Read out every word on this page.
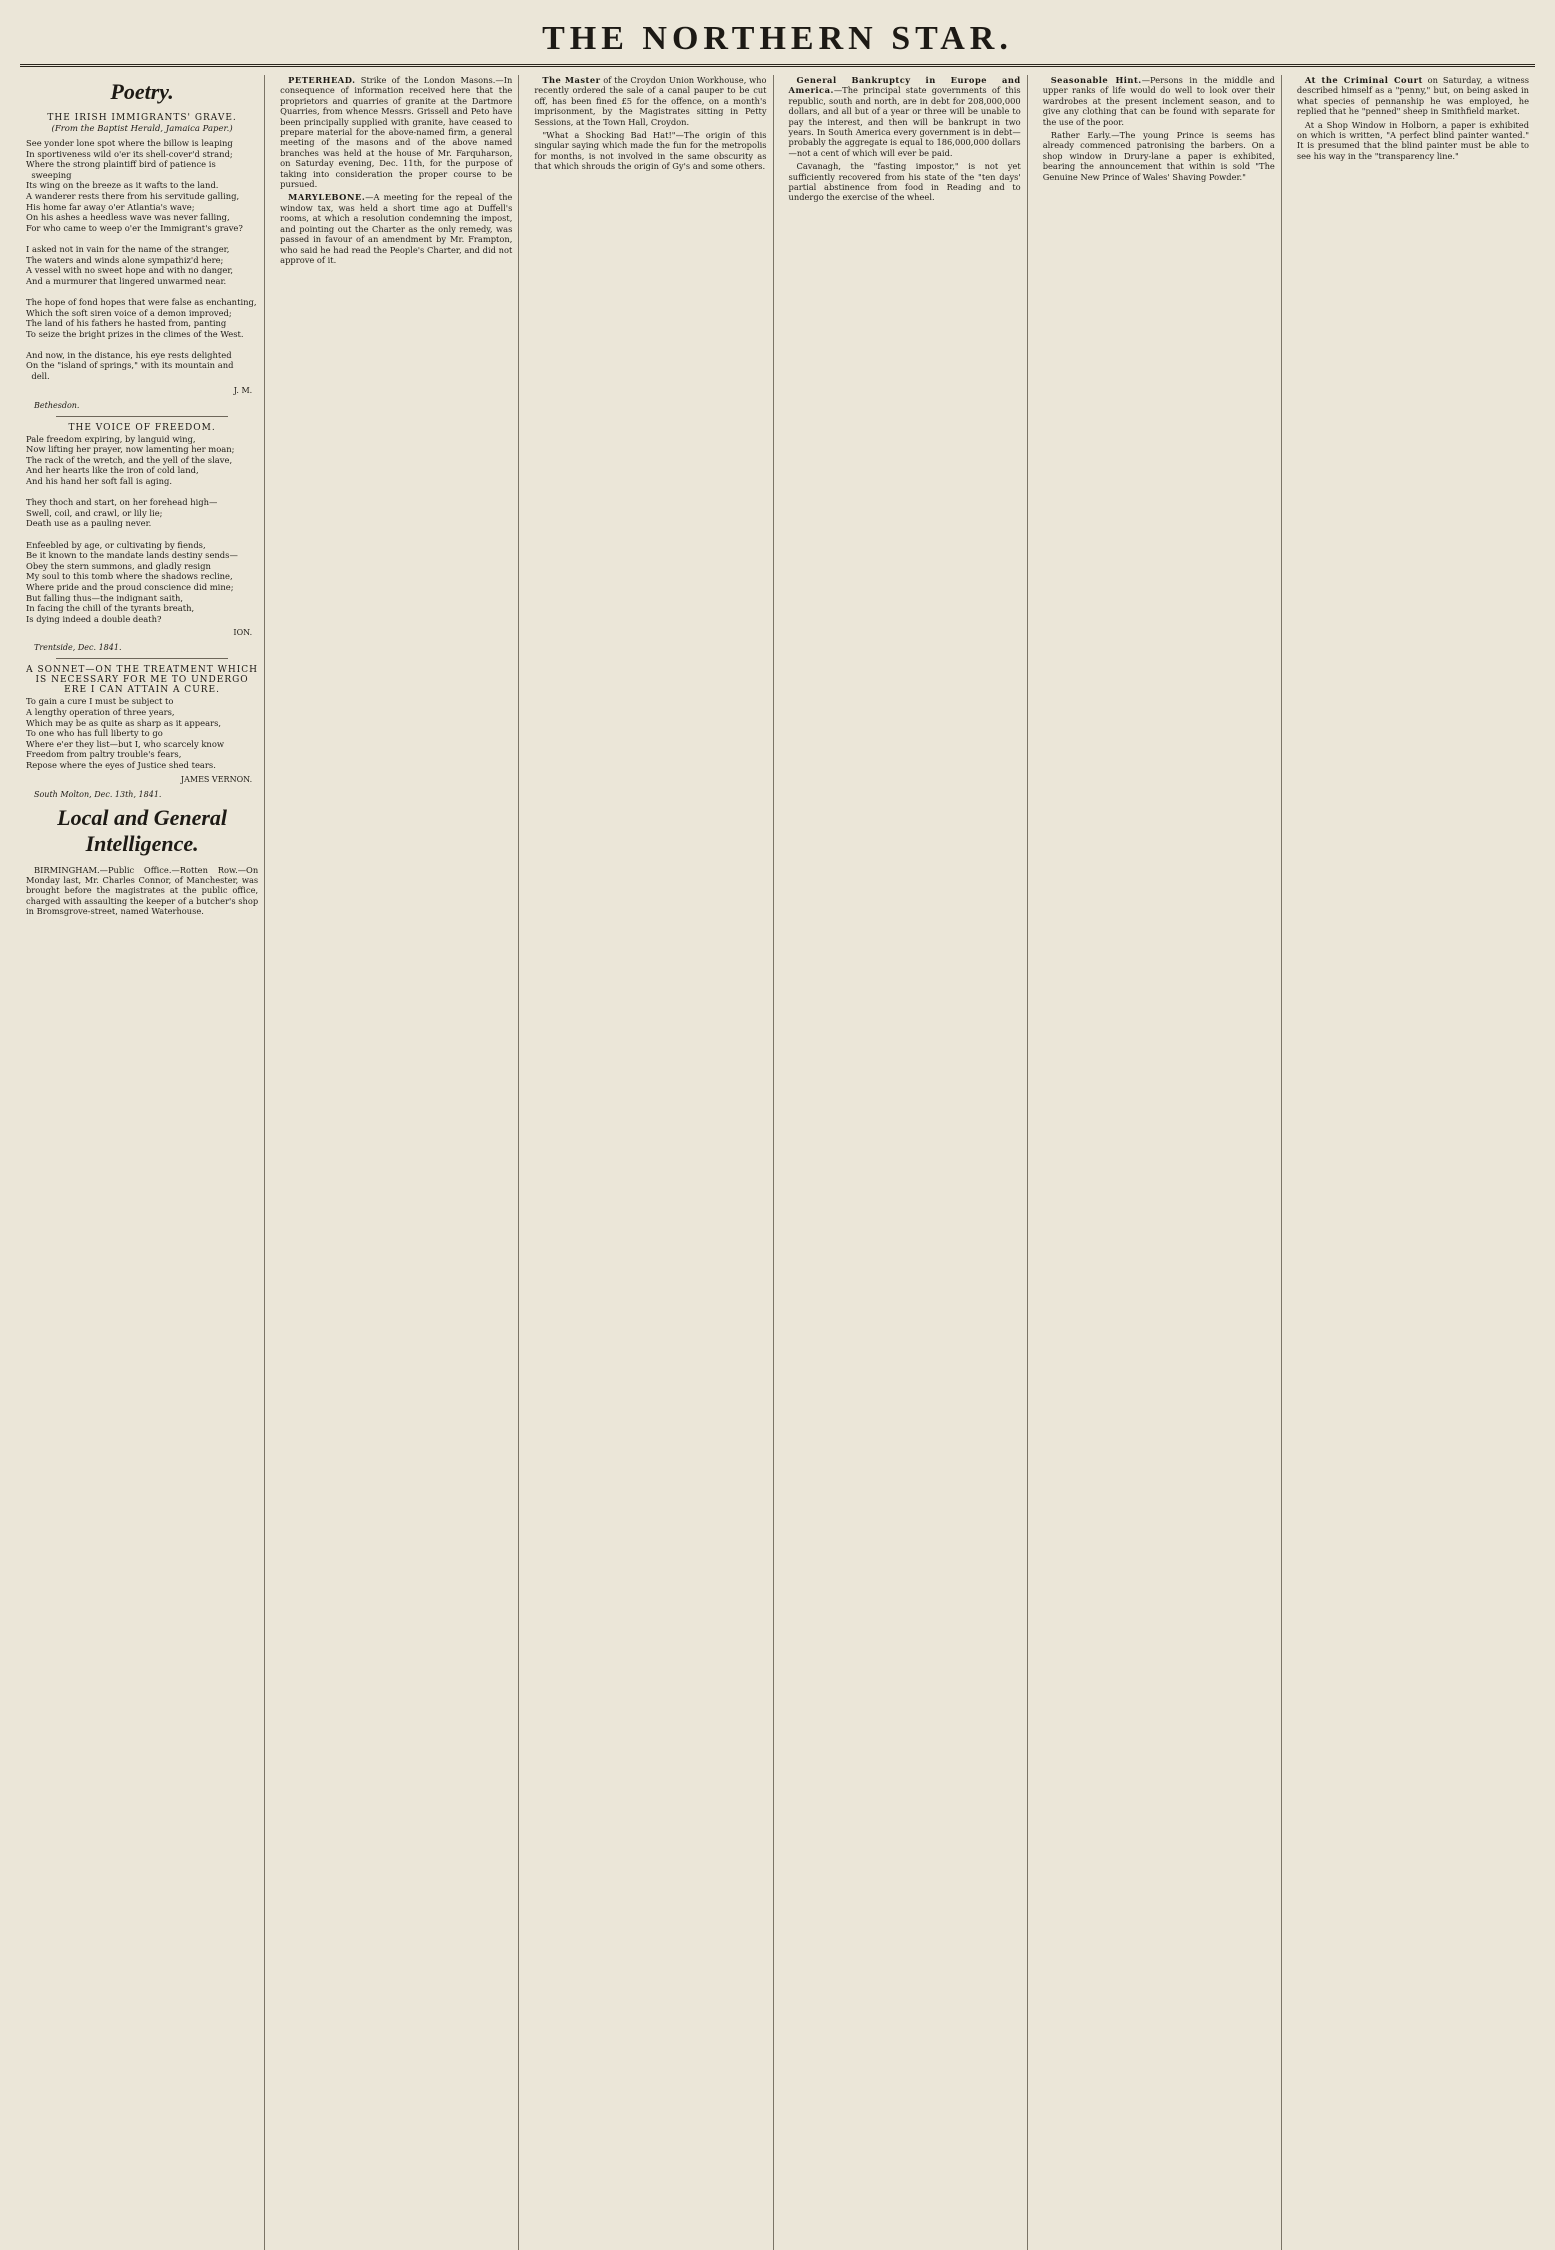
THE NORTHERN STAR.
Poetry.
THE IRISH IMMIGRANTS' GRAVE.
(From the Baptist Herald, Jamaica Paper.)
See yonder lone spot where the billow is leaping
In sportiveness wild o'er its shell-cover'd strand;
Where the strong plaintiff bird of patience is
sweeping
Its wing on the breeze as it wafts to the land.
A wanderer rests there from his servitude galling,
His home far away o'er Atlantia's wave;
On his ashes a heedless wave was never falling,
For who came to weep o'er the Immigrant's grave?

I asked not in vain for the name of the stranger,
The waters and winds alone sympathiz'd here;
A vessel with no sweet hope and with no danger,
And a murmurer that lingered unwarmed near.

The hope of fond hopes that were false as enchanting,
Which the soft siren voice of a demon improved;
The land of his fathers he hasted from, panting
To seize the bright prizes in the climes of the West.

And now, in the distance, his eye rests delighted
On the "island of springs," with its mountain and
dell.
J. M.
Bethesdon.
THE VOICE OF FREEDOM.
Pale freedom expiring, by languid wing,
Now lifting her prayer, now lamenting her moan;
The rack of the wretch, and the yell of the slave,
And her hearts like the iron of cold land,
And his hand her soft fall is aging.

They thoch and start, on her forehead high—
Swell, coil, and crawl, or lily lie;
Death use as a pauling never.

Enfeebled by age, or cultivating by fiends,
Be it known to the mandate lands destiny sends—
Obey the stern summons, and gladly resign
My soul to this tomb where the shadows recline,
Where pride and the proud conscience did mine;
But falling thus—the indignant saith,
In facing the chill of the tyrants breath,
Is dying indeed a double death?
ION.
Trentside, Dec. 1841.
A SONNET—ON THE TREATMENT WHICH IS NECESSARY FOR ME TO UNDERGO ERE I CAN ATTAIN A CURE.
To gain a cure I must be subject to
A lengthy operation of three years,
Which may be as quite as sharp as it appears,
To one who has full liberty to go
Where e'er they list—but I, who scarcely know
Freedom from paltry trouble's fears,
Repose where the eyes of Justice shed tears.
JAMES VERNON.
South Molton, Dec. 13th, 1841.
Local and General Intelligence.
BIRMINGHAM.—Public Office.—Rotten Row.—On Monday last, Mr. Charles Connor, of Manchester, was brought before the magistrates at the public office, charged with assaulting the keeper of a butcher's shop in Bromsgrove-street, named Waterhouse.
PETERHEAD. Strike of the London Masons.—In consequence of information received here that the proprietors and quarries of granite at the Dartmore Quarries, from whence Messrs. Grissell and Peto have been principally supplied with granite, have ceased to prepare material for the above-named firm, a general meeting of the masons and of the above named branches was held at the house of Mr. Farquharson, on Saturday evening, Dec. 11th, for the purpose of taking into consideration the proper course to be pursued.
MARYLEBONE.—A meeting for the repeal of the window tax, was held a short time ago at Duffell's rooms, at which a resolution condemning the impost, and pointing out the Charter as the only remedy, was passed in favour of an amendment by Mr. Frampton, who said he had read the People's Charter, and did not approve of it.
The Master of the Croydon Union Workhouse, who recently ordered the sale of a canal pauper to be cut off, has been fined £5 for the offence, on a month's imprisonment, by the Magistrates sitting in Petty Sessions, at the Town Hall, Croydon.
"What a Shocking Bad Hat!"—The origin of this singular saying which made the fun for the metropolis for months, is not involved in the same obscurity as that which shrouds the origin of Gy's and some others.
General Bankruptcy in Europe and America.—The principal state governments of this republic, south and north, are in debt for 208,000,000 dollars, and all but of a year or three will be unable to pay the interest, and then will be bankrupt in two years. In South America every government is in debt—probably the aggregate is equal to 186,000,000 dollars—not a cent of which will ever be paid.
Cavanagh, the "fasting impostor," is not yet sufficiently recovered from his state of the "ten days' partial abstinence from food in Reading and to undergo the exercise of the wheel.
Seasonable Hint.—Persons in the middle and upper ranks of life would do well to look over their wardrobes at the present inclement season, and to give any clothing that can be found with separate for the use of the poor.
Rather Early.—The young Prince is seems has already commenced patronising the barbers. On a shop window in Drury-lane a paper is exhibited, bearing the announcement that within is sold "The Genuine New Prince of Wales' Shaving Powder."
At the Criminal Court on Saturday, a witness described himself as a "penny," but, on being asked in what species of pennanship he was employed, he replied that he "penned" sheep in Smithfield market.
At a Shop Window in Holborn, a paper is exhibited on which is written, "A perfect blind painter wanted." It is presumed that the blind painter must be able to see his way in the "transparency line."
